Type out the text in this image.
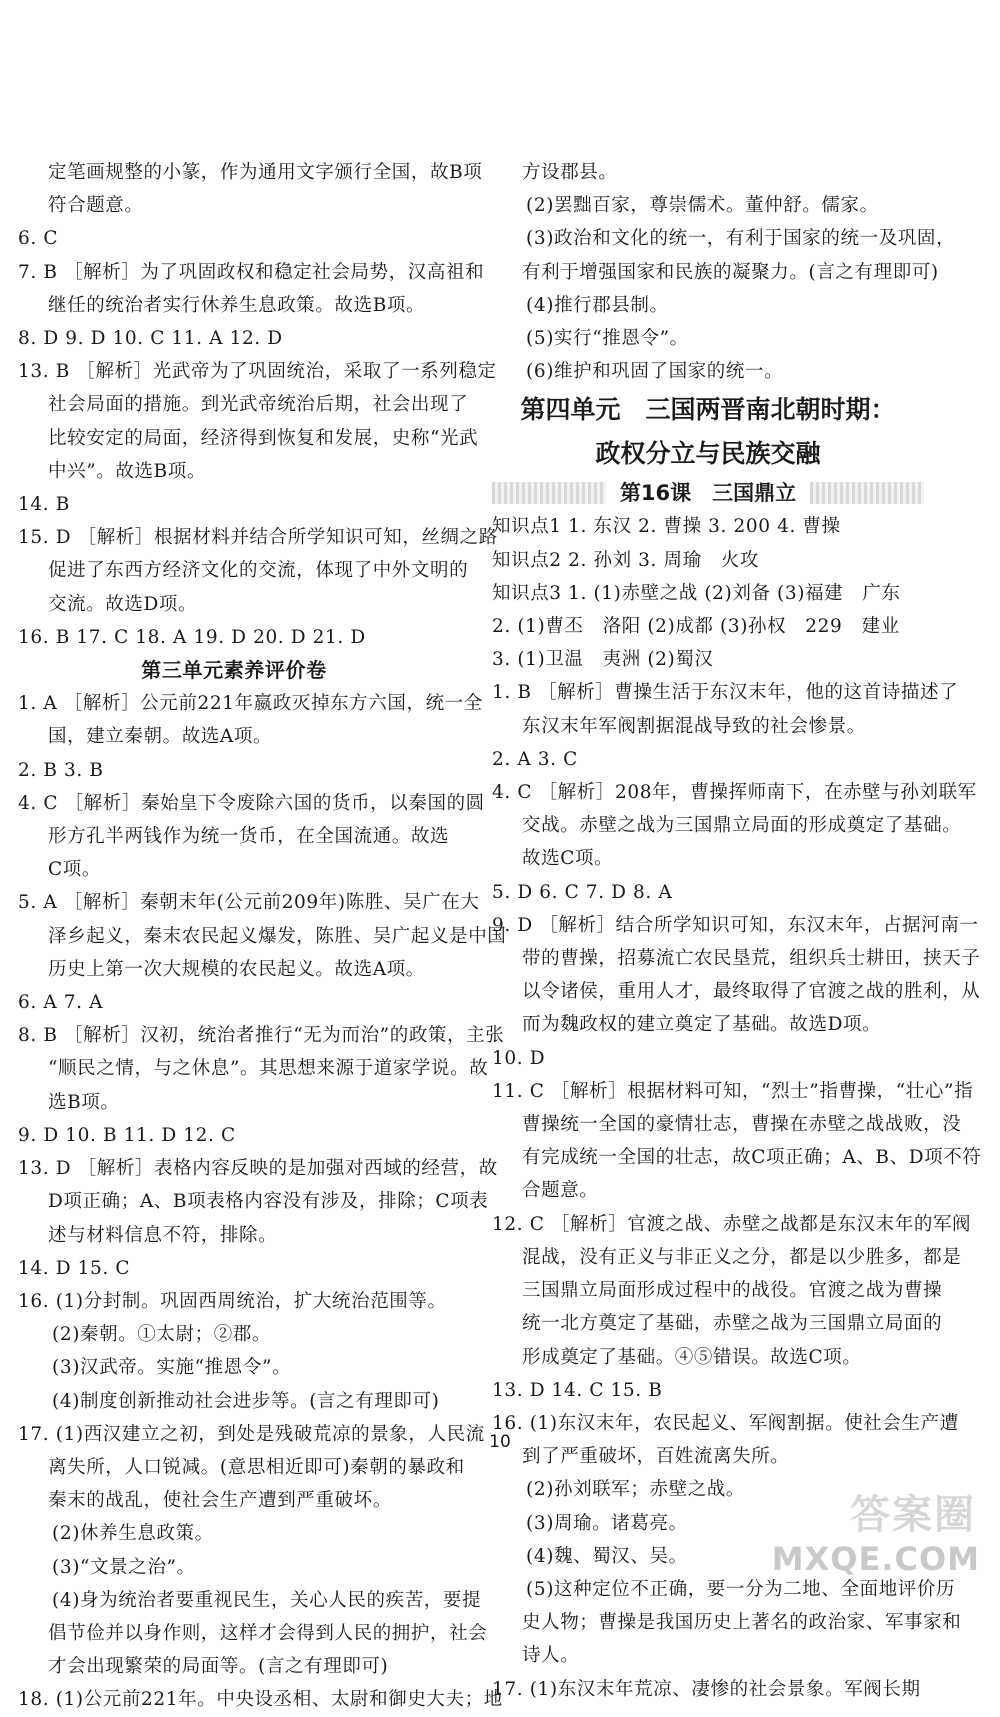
定笔画规整的小篆，作为通用文字颁行全国，故B项
符合题意。
6. C
7. B ［解析］为了巩固政权和稳定社会局势，汉高祖和
继任的统治者实行休养生息政策。故选B项。
8. D 9. D 10. C 11. A 12. D
13. B ［解析］光武帝为了巩固统治，采取了一系列稳定
社会局面的措施。到光武帝统治后期，社会出现了
比较安定的局面，经济得到恢复和发展，史称“光武
中兴”。故选B项。
14. B
15. D ［解析］根据材料并结合所学知识可知，丝绸之路
促进了东西方经济文化的交流，体现了中外文明的
交流。故选D项。
16. B 17. C 18. A 19. D 20. D 21. D
第三单元素养评价卷
1. A ［解析］公元前221年嬴政灭掉东方六国，统一全
国，建立秦朝。故选A项。
2. B 3. B
4. C ［解析］秦始皇下令废除六国的货币，以秦国的圆
形方孔半两钱作为统一货币，在全国流通。故选
C项。
5. A ［解析］秦朝末年(公元前209年)陈胜、吴广在大
泽乡起义，秦末农民起义爆发，陈胜、吴广起义是中国
历史上第一次大规模的农民起义。故选A项。
6. A 7. A
8. B ［解析］汉初，统治者推行“无为而治”的政策，主张
“顺民之情，与之休息”。其思想来源于道家学说。故
选B项。
9. D 10. B 11. D 12. C
13. D ［解析］表格内容反映的是加强对西域的经营，故
D项正确；A、B项表格内容没有涉及，排除；C项表
述与材料信息不符，排除。
14. D 15. C
16. (1)分封制。巩固西周统治，扩大统治范围等。
(2)秦朝。①太尉；②郡。
(3)汉武帝。实施“推恩令”。
(4)制度创新推动社会进步等。(言之有理即可)
17. (1)西汉建立之初，到处是残破荒凉的景象，人民流
离失所，人口锐减。(意思相近即可)秦朝的暴政和
秦末的战乱，使社会生产遭到严重破坏。
(2)休养生息政策。
(3)“文景之治”。
(4)身为统治者要重视民生，关心人民的疾苦，要提
倡节俭并以身作则，这样才会得到人民的拥护，社会
才会出现繁荣的局面等。(言之有理即可)
18. (1)公元前221年。中央设丞相、太尉和御史大夫；地
方设郡县。
(2)罢黜百家，尊崇儒术。董仲舒。儒家。
(3)政治和文化的统一，有利于国家的统一及巩固，
有利于增强国家和民族的凝聚力。(言之有理即可)
(4)推行郡县制。
(5)实行“推恩令”。
(6)维护和巩固了国家的统一。
第四单元　三国两晋南北朝时期：
政权分立与民族交融
第16课　三国鼎立
知识点1 1. 东汉 2. 曹操 3. 200 4. 曹操
知识点2 2. 孙刘 3. 周瑜　火攻
知识点3 1. (1)赤壁之战 (2)刘备 (3)福建　广东
2. (1)曹丕　洛阳 (2)成都 (3)孙权　229　建业
3. (1)卫温　夷洲 (2)蜀汉
1. B ［解析］曹操生活于东汉末年，他的这首诗描述了
东汉末年军阀割据混战导致的社会惨景。
2. A 3. C
4. C ［解析］208年，曹操挥师南下，在赤壁与孙刘联军
交战。赤壁之战为三国鼎立局面的形成奠定了基础。
故选C项。
5. D 6. C 7. D 8. A
9. D ［解析］结合所学知识可知，东汉末年，占据河南一
带的曹操，招募流亡农民垦荒，组织兵士耕田，挟天子
以令诸侯，重用人才，最终取得了官渡之战的胜利，从
而为魏政权的建立奠定了基础。故选D项。
10. D
11. C ［解析］根据材料可知，“烈士”指曹操，“壮心”指
曹操统一全国的豪情壮志，曹操在赤壁之战战败，没
有完成统一全国的壮志，故C项正确；A、B、D项不符
合题意。
12. C ［解析］官渡之战、赤壁之战都是东汉末年的军阀
混战，没有正义与非正义之分，都是以少胜多，都是
三国鼎立局面形成过程中的战役。官渡之战为曹操
统一北方奠定了基础，赤壁之战为三国鼎立局面的
形成奠定了基础。④⑤错误。故选C项。
13. D 14. C 15. B
16. (1)东汉末年，农民起义、军阀割据。使社会生产遭
到了严重破坏，百姓流离失所。
(2)孙刘联军；赤壁之战。
(3)周瑜。诸葛亮。
(4)魏、蜀汉、吴。
(5)这种定位不正确，要一分为二地、全面地评价历
史人物；曹操是我国历史上著名的政治家、军事家和
诗人。
17. (1)东汉末年荒凉、凄惨的社会景象。军阀长期
10
答案圈
MXQE.COM
